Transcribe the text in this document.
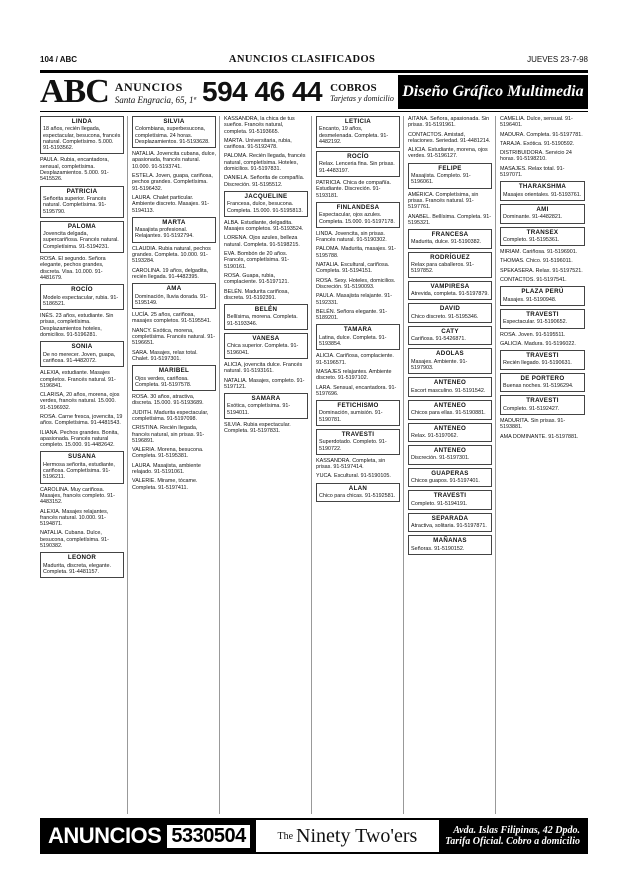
104 / ABC	ANUNCIOS CLASIFICADOS	JUEVES 23-7-98
ABC ANUNCIOS
Santa Engracia, 65, 1ª 594 46 44 COBROS
Tarjetas y domicilio Diseño Gráfico Multimedia
LINDA
18 años, recién llegada, espectacular, besucona, francés natural. Completísimo. 5.000. 91-5193562.
PAULA. Rubia, encantadora, sensual, completísima. Desplazamientos. 5.000. 91-5415526.
PATRICIA
Señorita superior. Francés natural. Completísima. 91-5195790.
PALOMA
Jovencita delgada, supercariñosa. Francés natural. Completísima. 91-5194231.
ROSA. El segundo. Señora elegante, pechos grandes, discreta. Visa. 10.000. 91-4481679.
ROCÍO
Modelo espectacular, rubia. 91-5186521.
INÉS. 23 años, estudiante. Sin prisas, completísima. Desplazamientos hoteles, domicilios. 91-5196281.
SONIA
De no merecer. Joven, guapa, cariñosa. 91-4482072.
ALEXIA, estudiante. Masajes completos. Francés natural. 91-5196841.
CLARISA, 20 años, morena, ojos verdes, francés natural. 15.000. 91-5196932.
ROSA. Carne fresca, jovencita, 19 años. Completísima. 91-4481543.
ILIANA. Pechos grandes. Bonita, apasionada. Francés natural completo. 15.000. 91-4482642.
SUSANA
Hermosa señorita, estudiante, cariñosa. Completísima. 91-5196211.
CAROLINA. Muy cariñosa. Masajes, francés completo. 91-4483152.
ALEXIA. Masajes relajantes, francés natural. 10.000. 91-5194871.
NATALIA. Cubana. Dulce, besucona, completísima. 91-5190382.
LEONOR
Madurita, discreta, elegante. Completa. 91-4481157.
SILVIA
Colombiana, superbesucona, completísima. 24 horas. Desplazamientos. 91-5193628.
NATALIA. Jovencita cubana, dulce, apasionada, francés natural. 10.000. 91-5193741.
ESTELA. Joven, guapa, cariñosa, pechos grandes. Completísima. 91-5196432.
LAURA. Chalet particular. Ambiente discreto. Masajes. 91-5194113.
MARTA
Masajista profesional. Relajantes. 91-5192794.
CLAUDIA. Rubia natural, pechos grandes. Completa. 10.000. 91-5193284.
CAROLINA. 19 años, delgadita, recién llegada. 91-4482395.
AMA
Dominación, lluvia dorada. 91-5195149.
LUCÍA. 25 años, cariñosa, masajes completos. 91-5195541.
NANCY. Exótica, morena, completísima. Francés natural. 91-5196651.
SARA. Masajes, relax total. Chalet. 91-5197301.
MARIBEL
Ojos verdes, cariñosa. Completa. 91-5197578.
ROSA. 30 años, atractiva, discreta. 15.000. 91-5193689.
JUDITH. Madurita espectacular, completísima. 91-5197098.
CRISTINA. Recién llegada, francés natural, sin prisas. 91-5196891.
VALERIA. Morena, besucona. Completa. 91-5195381.
LAURA. Masajista, ambiente relajado. 91-5191061.
VALERIE. Mirame, tócame. Completa. 91-5197411.
KASSANDRA, la chica de tus sueños. Francés natural, completa. 91-5193665.
MARTA. Universitaria, rubia, cariñosa. 91-5192478.
PALOMA. Recién llegada, francés natural, completísima. Hoteles, domicilios. 91-5197831.
DANIELA. Señorita de compañía. Discreción. 91-5195512.
JACQUELINE
Francesa, dulce, besucona. Completa. 15.000. 91-5195813.
ALBA. Estudiante, delgadita. Masajes completos. 91-5193524.
LORENA. Ojos azules, belleza natural. Completa. 91-5198215.
EVA. Bombón de 20 años. Francés, completísima. 91-5190161.
ROSA. Guapa, rubia, complaciente. 91-5197121.
BELÉN. Madurita cariñosa, discreta. 91-5192391.
BELÉN
Bellísima, morena. Completa. 91-5193346.
VANESA
Chica superior. Completa. 91-5196041.
ALICIA, jovencita dulce. Francés natural. 91-5193161.
NATALIA. Masajes, completo. 91-5197121.
SAMARA
Exótica, completísima. 91-5194011.
SILVIA. Rubia espectacular. Completa. 91-5197831.
LETICIA
Encanto, 19 años, desmelenada. Completa. 91-4482192.
ROCÍO
Relax. Lenceria fina. Sin prisas. 91-4483197.
PATRICIA. Chica de compañía. Estudiante. Discreción. 91-5193181.
FINLANDESA
Espectacular, ojos azules. Completa. 15.000. 91-5197178.
LINDA. Jovencita, sin prisas. Francés natural. 91-5190302.
PALOMA. Madurita, masajes. 91-5195788.
NATALIA. Escultural, cariñosa. Completa. 91-5194151.
ROSA. Sexy. Hoteles, domicilios. Discreción. 91-5190093.
PAULA. Masajista relajante. 91-5192331.
BELÉN. Señora elegante. 91-5189201.
TAMARA
Latina, dulce. Completa. 91-5193854.
ALICIA. Cariñosa, complaciente. 91-5196571.
MASAJES relajantes. Ambiente discreto. 91-5197102.
LARA. Sensual, encantadora. 91-5197696.
FETICHISMO
Dominación, sumisión. 91-5190781.
TRAVESTI
Superdotado. Completo. 91-5190722.
KASSANDRA. Completa, sin prisas. 91-5197414.
YUCA. Escultural. 91-5190105.
ALAN
Chico para chicas. 91-5192581.
AITANA. Señora, apasionada. Sin prisas. 91-5191961.
CONTACTOS. Amistad, relaciones. Seriedad. 91-4481214.
ALICIA. Estudiante, morena, ojos verdes. 91-5196127.
FELIPE
Masajista. Completo. 91-5196061.
AMÉRICA. Completísima, sin prisas. Francés natural. 91-5197761.
ANABEL. Bellísima. Completa. 91-5195321.
FRANCESA
Madurita, dulce. 91-5190382.
RODRÍGUEZ
Relax para caballeros. 91-5197852.
VAMPIRESA
Atrevida, completa. 91-5197879.
DAVID
Chico discreto. 91-5195346.
CATY
Cariñosa. 91-5426871.
ADOLAS
Masajes. Ambiente. 91-5197903.
ANTENEO
Escort masculino. 91-5191542.
ANTENEO
Chicos para ellas. 91-5190881.
ANTENEO
Relax. 91-5197062.
ANTENEO
Discreción. 91-5197301.
GUAPERAS
Chicos guapos. 91-5197401.
TRAVESTI
Completo. 91-5194191.
SEPARADA
Atractiva, solitaria. 91-5197871.
MAÑANAS
Señoras. 91-5190152.
CAMELIA. Dulce, sensual. 91-5196401.
MADURA. Completa. 91-5197781.
TARAJA. Exótica. 91-5190592.
DISTRIBUIDORA. Servicio 24 horas. 91-5198210.
MASAJES. Relax total. 91-5197071.
THARAKSHMA
Masajes orientales. 91-5193761.
AMI
Dominante. 91-4482821.
TRANSEX
Completo. 91-5195361.
MIRIAM. Cariñosa. 91-5196901.
THOMAS. Chico. 91-5196011.
SPEKASERA. Relax. 91-5197521.
CONTACTOS. 91-5197541.
PLAZA PERÚ
Masajes. 91-5190948.
TRAVESTI
Espectacular. 91-5190652.
ROSA. Joven. 91-5195511.
GALICIA. Madura. 91-5196022.
TRAVESTI
Recién llegado. 91-5190631.
DE PORTERO
Buenas noches. 91-5196294.
TRAVESTI
Completo. 91-5192427.
MADURITA. Sin prisas. 91-5193881.
AMA DOMINANTE. 91-5197881.
ANUNCIOS 5330504	The Ninety Two'ers	Avda. Islas Filipinas, 42 Dpdo.
Tarifa Oficial. Cobro a domicilio
